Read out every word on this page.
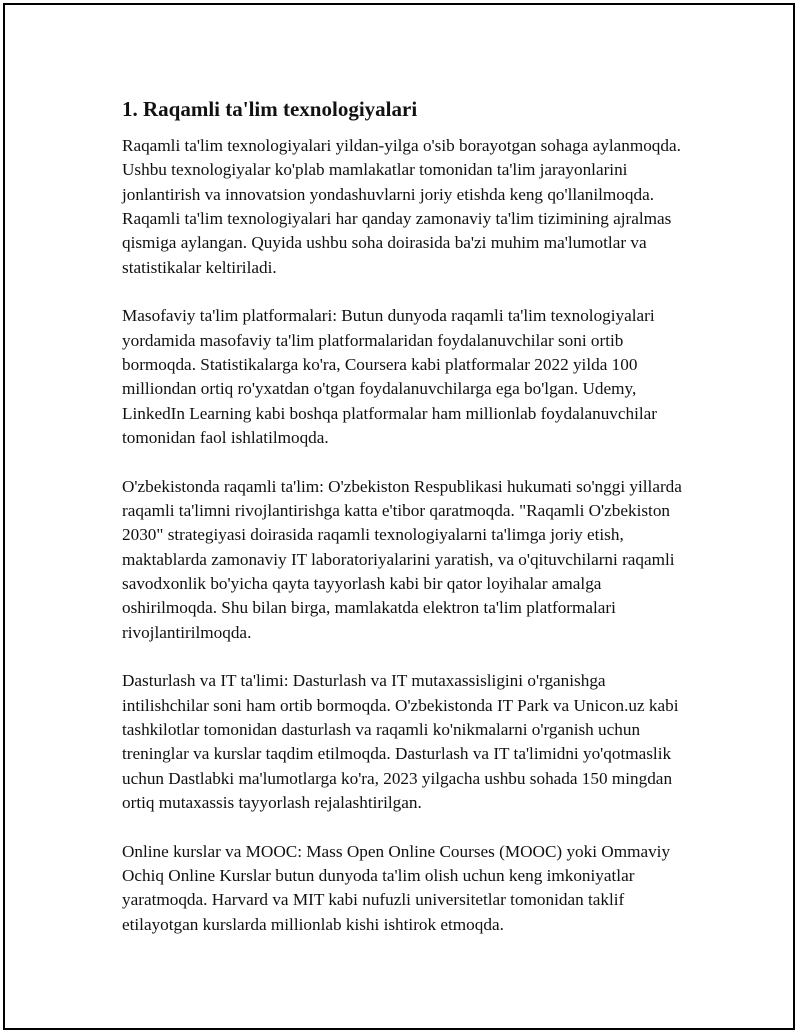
1. Raqamli ta'lim texnologiyalari

Raqamli ta'lim texnologiyalari yildan-yilga o'sib borayotgan sohaga aylanmoqda. Ushbu texnologiyalar ko'plab mamlakatlar tomonidan ta'lim jarayonlarini jonlantirish va innovatsion yondashuvlarni joriy etishda keng qo'llanilmoqda. Raqamli ta'lim texnologiyalari har qanday zamonaviy ta'lim tizimining ajralmas qismiga aylangan. Quyida ushbu soha doirasida ba'zi muhim ma'lumotlar va statistikalar keltiriladi.

Masofaviy ta'lim platformalari: Butun dunyoda raqamli ta'lim texnologiyalari yordamida masofaviy ta'lim platformalaridan foydalanuvchilar soni ortib bormoqda. Statistikalarga ko'ra, Coursera kabi platformalar 2022 yilda 100 milliondan ortiq ro'yxatdan o'tgan foydalanuvchilarga ega bo'lgan. Udemy, LinkedIn Learning kabi boshqa platformalar ham millionlab foydalanuvchilar tomonidan faol ishlatilmoqda.

O'zbekistonda raqamli ta'lim: O'zbekiston Respublikasi hukumati so'nggi yillarda raqamli ta'limni rivojlantirishga katta e'tibor qaratmoqda. "Raqamli O'zbekiston 2030" strategiyasi doirasida raqamli texnologiyalarni ta'limga joriy etish, maktablarda zamonaviy IT laboratoriyalarini yaratish, va o'qituvchilarni raqamli savodxonlik bo'yicha qayta tayyorlash kabi bir qator loyihalar amalga oshirilmoqda. Shu bilan birga, mamlakatda elektron ta'lim platformalari rivojlantirilmoqda.

Dasturlash va IT ta'limi: Dasturlash va IT mutaxassisligini o'rganishga intilishchilar soni ham ortib bormoqda. O'zbekistonda IT Park va Unicon.uz kabi tashkilotlar tomonidan dasturlash va raqamli ko'nikmalarni o'rganish uchun treninglar va kurslar taqdim etilmoqda. Dasturlash va IT ta'limidni yo'qotmaslik uchun Dastlabki ma'lumotlarga ko'ra, 2023 yilgacha ushbu sohada 150 mingdan ortiq mutaxassis tayyorlash rejalashtirilgan.

Online kurslar va MOOC: Mass Open Online Courses (MOOC) yoki Ommaviy Ochiq Online Kurslar butun dunyoda ta'lim olish uchun keng imkoniyatlar yaratmoqda. Harvard va MIT kabi nufuzli universitetlar tomonidan taklif etilayotgan kurslarda millionlab kishi ishtirok etmoqda.
